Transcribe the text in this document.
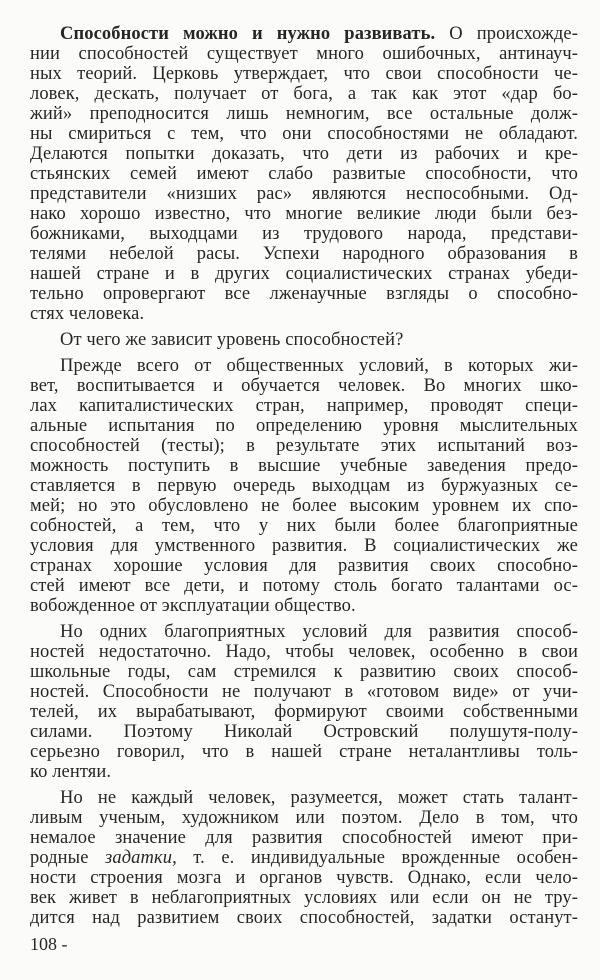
Способности можно и нужно развивать. О происхожде-
нии способностей существует много ошибочных, антинауч-
ных теорий. Церковь утверждает, что свои способности че-
ловек, дескать, получает от бога, а так как этот «дар бо-
жий» преподносится лишь немногим, все остальные долж-
ны смириться с тем, что они способностями не обладают.
Делаются попытки доказать, что дети из рабочих и кре-
стьянских семей имеют слабо развитые способности, что
представители «низших рас» являются неспособными. Од-
нако хорошо известно, что многие великие люди были без-
божниками, выходцами из трудового народа, представи-
телями небелой расы. Успехи народного образования в
нашей стране и в других социалистических странах убеди-
тельно опровергают все лженаучные взгляды о способно-
стях человека.
От чего же зависит уровень способностей?
Прежде всего от общественных условий, в которых жи-
вет, воспитывается и обучается человек. Во многих шко-
лах капиталистических стран, например, проводят специ-
альные испытания по определению уровня мыслительных
способностей (тесты); в результате этих испытаний воз-
можность поступить в высшие учебные заведения предо-
ставляется в первую очередь выходцам из буржуазных се-
мей; но это обусловлено не более высоким уровнем их спо-
собностей, а тем, что у них были более благоприятные
условия для умственного развития. В социалистических же
странах хорошие условия для развития своих способно-
стей имеют все дети, и потому столь богато талантами ос-
вобожденное от эксплуатации общество.
Но одних благоприятных условий для развития способ-
ностей недостаточно. Надо, чтобы человек, особенно в свои
школьные годы, сам стремился к развитию своих способ-
ностей. Способности не получают в «готовом виде» от учи-
телей, их вырабатывают, формируют своими собственными
силами. Поэтому Николай Островский полушутя-полу-
серьезно говорил, что в нашей стране неталантливы толь-
ко лентяи.
Но не каждый человек, разумеется, может стать талант-
ливым ученым, художником или поэтом. Дело в том, что
немалое значение для развития способностей имеют при-
родные задатки, т. е. индивидуальные врожденные особен-
ности строения мозга и органов чувств. Однако, если чело-
век живет в неблагоприятных условиях или если он не тру-
дится над развитием своих способностей, задатки останут-
108 -
